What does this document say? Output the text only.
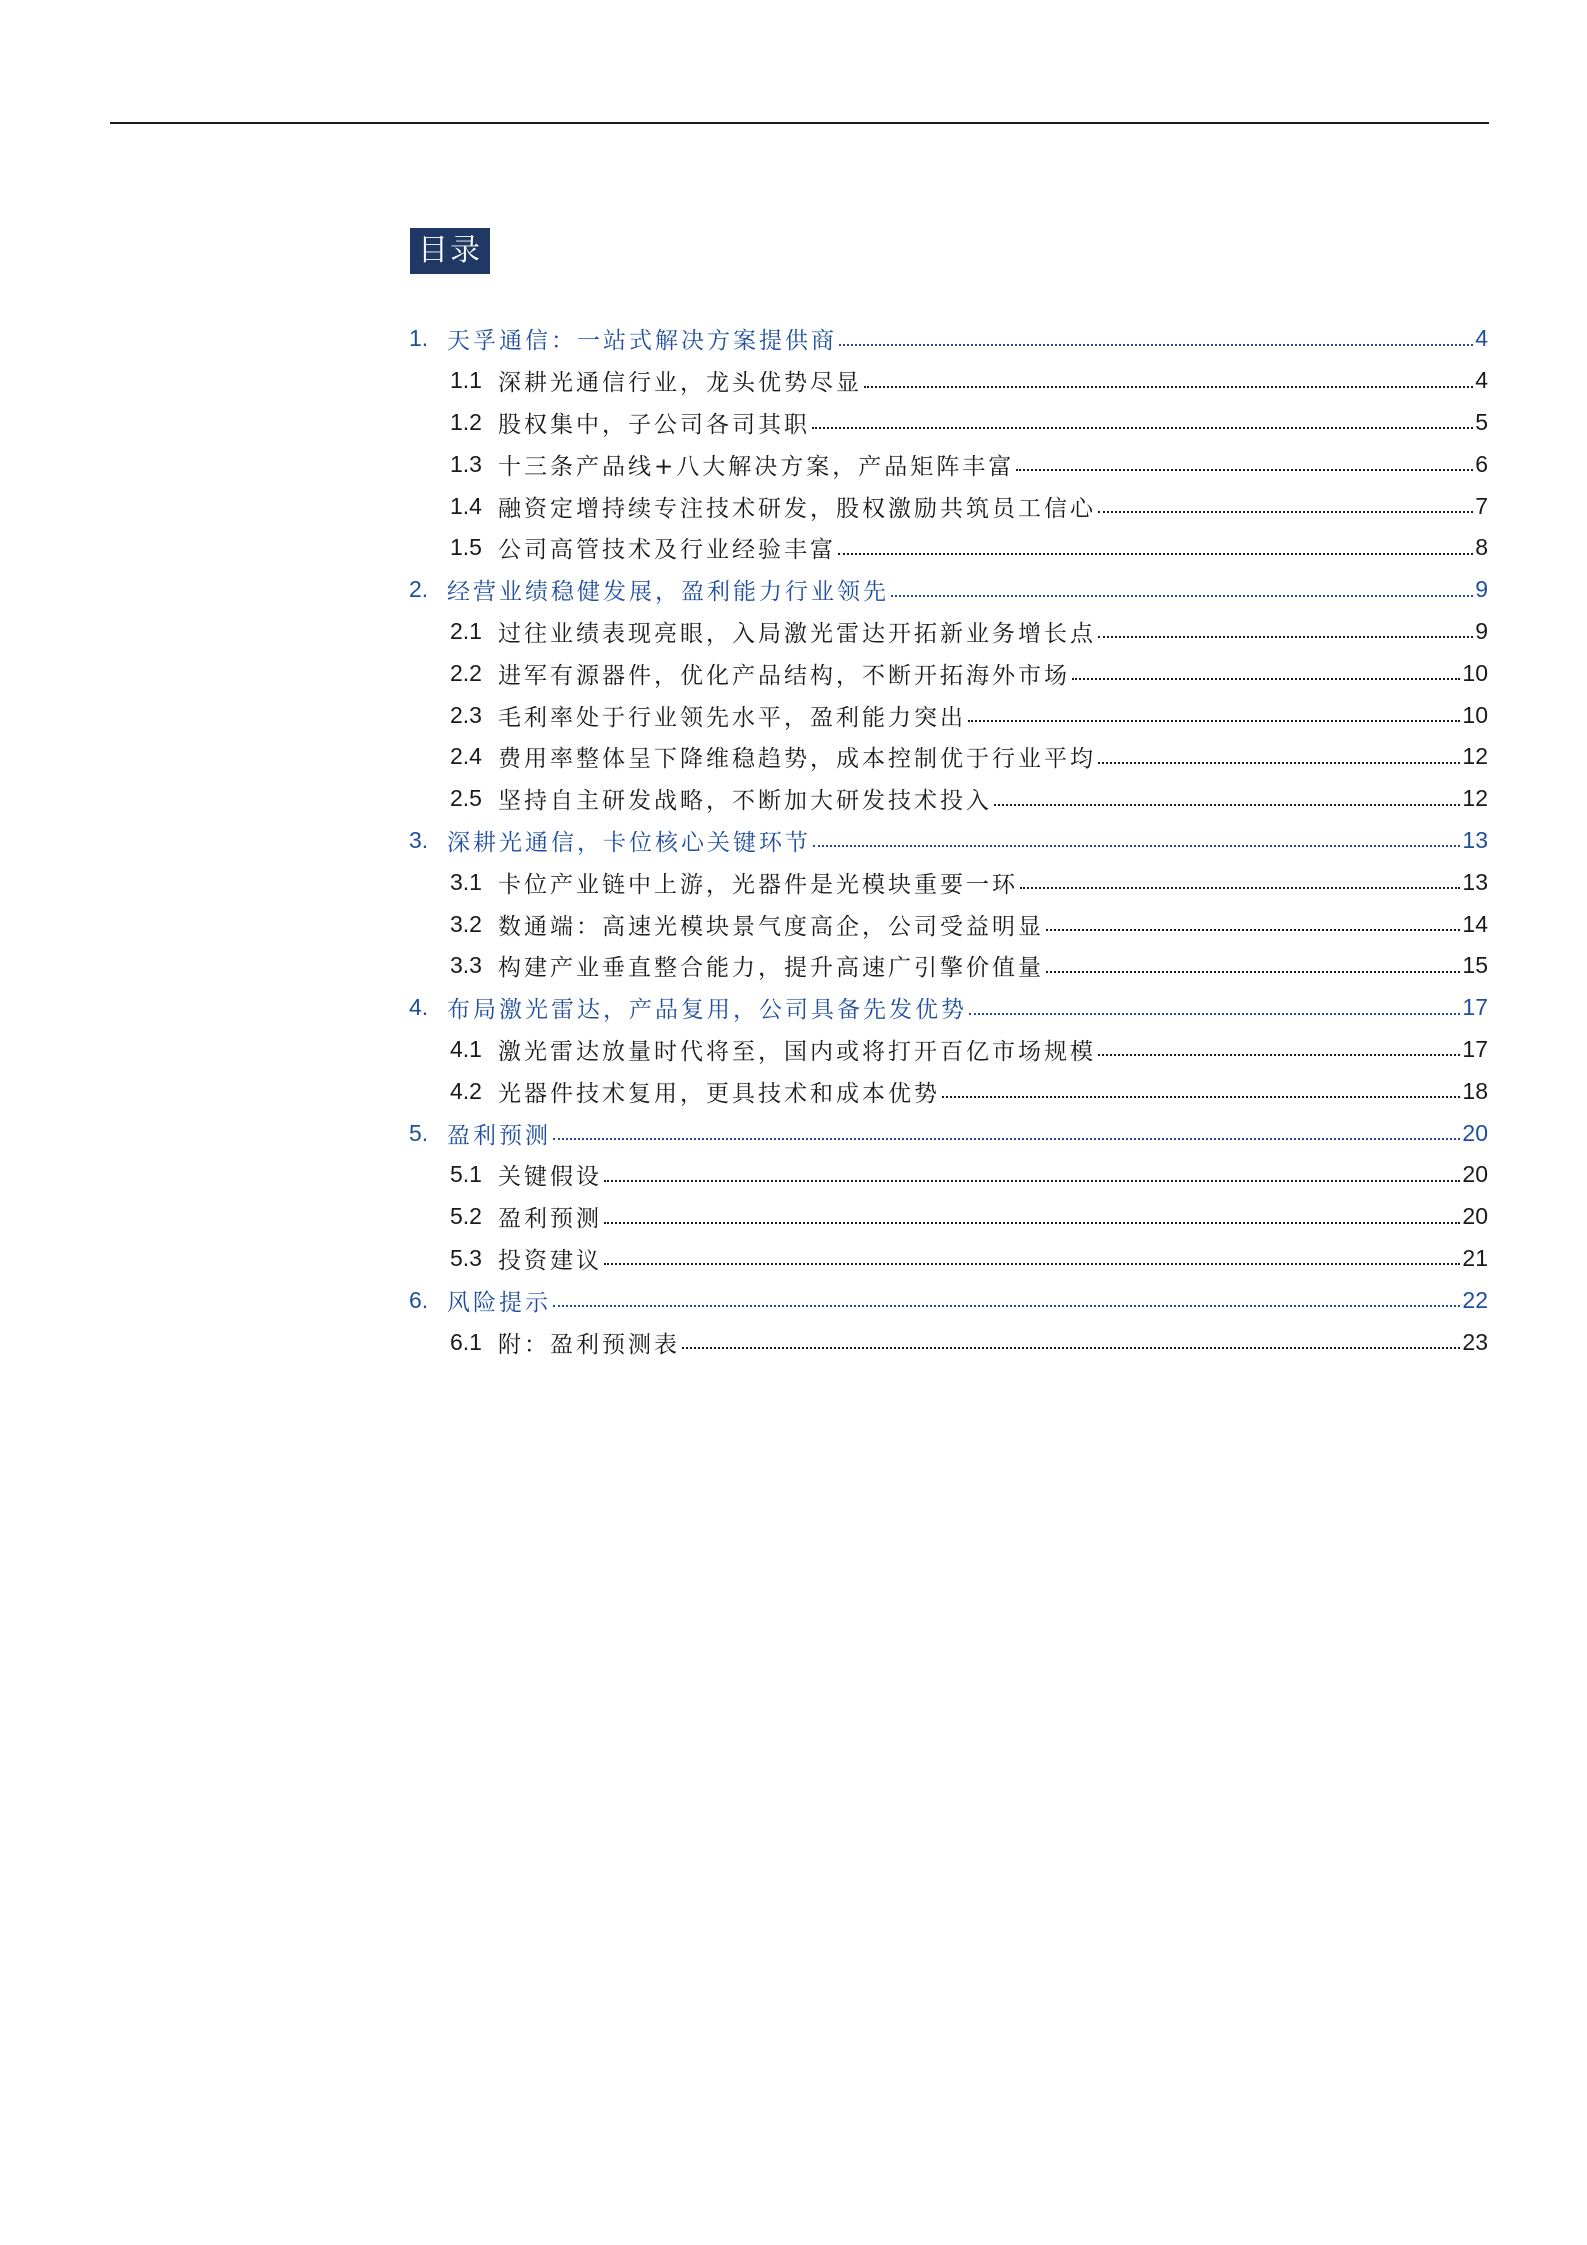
目录
1. 天孚通信：一站式解决方案提供商	4
1.1 深耕光通信行业，龙头优势尽显	4
1.2 股权集中，子公司各司其职	5
1.3 十三条产品线+八大解决方案，产品矩阵丰富	6
1.4 融资定增持续专注技术研发，股权激励共筑员工信心	7
1.5 公司高管技术及行业经验丰富	8
2. 经营业绩稳健发展，盈利能力行业领先	9
2.1 过往业绩表现亮眼，入局激光雷达开拓新业务增长点	9
2.2 进军有源器件，优化产品结构，不断开拓海外市场	10
2.3 毛利率处于行业领先水平，盈利能力突出	10
2.4 费用率整体呈下降维稳趋势，成本控制优于行业平均	12
2.5 坚持自主研发战略，不断加大研发技术投入	12
3. 深耕光通信，卡位核心关键环节	13
3.1 卡位产业链中上游，光器件是光模块重要一环	13
3.2 数通端：高速光模块景气度高企，公司受益明显	14
3.3 构建产业垂直整合能力，提升高速广引擎价值量	15
4. 布局激光雷达，产品复用，公司具备先发优势	17
4.1 激光雷达放量时代将至，国内或将打开百亿市场规模	17
4.2 光器件技术复用，更具技术和成本优势	18
5. 盈利预测	20
5.1 关键假设	20
5.2 盈利预测	20
5.3 投资建议	21
6. 风险提示	22
6.1 附：盈利预测表	23
